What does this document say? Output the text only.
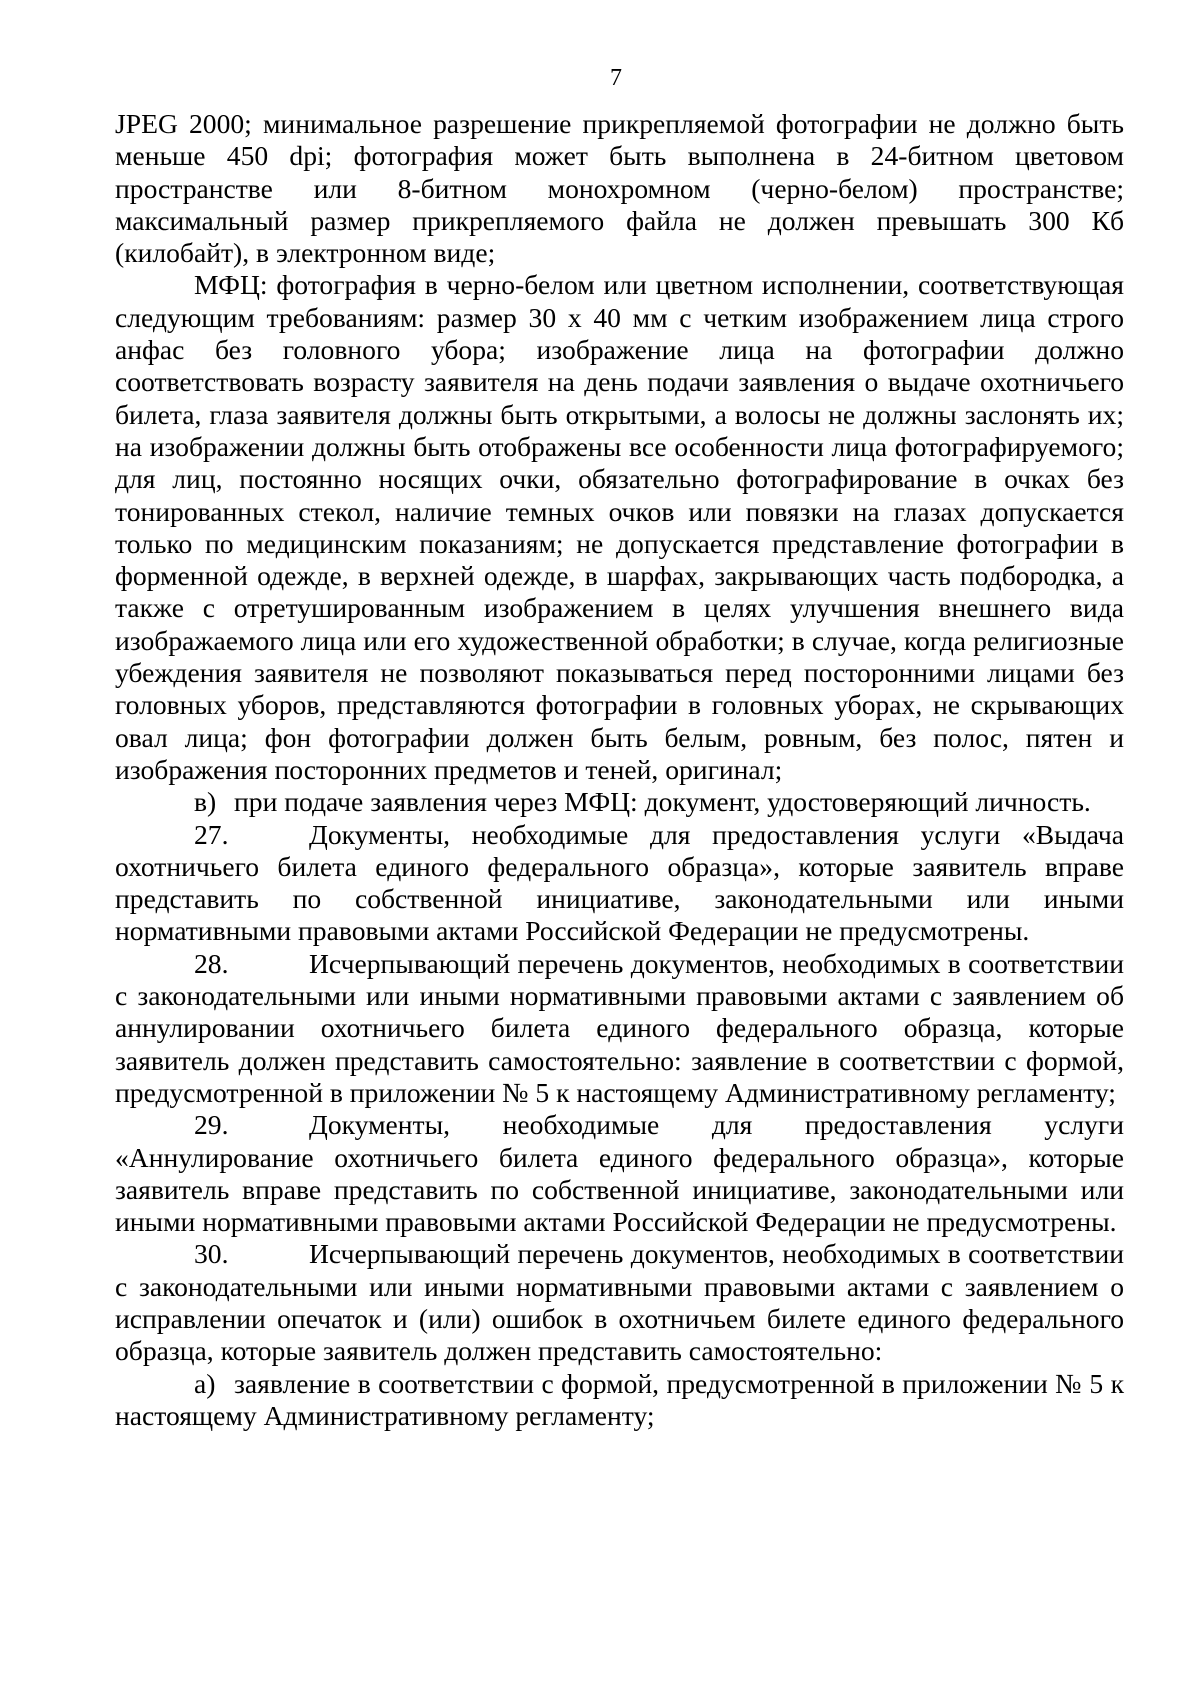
7

JPEG 2000; минимальное разрешение прикрепляемой фотографии не должно быть меньше 450 dpi; фотография может быть выполнена в 24-битном цветовом пространстве или 8-битном монохромном (черно-белом) пространстве; максимальный размер прикрепляемого файла не должен превышать 300 Кб (килобайт), в электронном виде;

МФЦ: фотография в черно-белом или цветном исполнении, соответствующая следующим требованиям: размер 30 х 40 мм с четким изображением лица строго анфас без головного убора; изображение лица на фотографии должно соответствовать возрасту заявителя на день подачи заявления о выдаче охотничьего билета, глаза заявителя должны быть открытыми, а волосы не должны заслонять их; на изображении должны быть отображены все особенности лица фотографируемого; для лиц, постоянно носящих очки, обязательно фотографирование в очках без тонированных стекол, наличие темных очков или повязки на глазах допускается только по медицинским показаниям; не допускается представление фотографии в форменной одежде, в верхней одежде, в шарфах, закрывающих часть подбородка, а также с отретушированным изображением в целях улучшения внешнего вида изображаемого лица или его художественной обработки; в случае, когда религиозные убеждения заявителя не позволяют показываться перед посторонними лицами без головных уборов, представляются фотографии в головных уборах, не скрывающих овал лица; фон фотографии должен быть белым, ровным, без полос, пятен и изображения посторонних предметов и теней, оригинал;

в) при подаче заявления через МФЦ: документ, удостоверяющий личность.

27.	Документы, необходимые для предоставления услуги «Выдача охотничьего билета единого федерального образца», которые заявитель вправе представить по собственной инициативе, законодательными или иными нормативными правовыми актами Российской Федерации не предусмотрены.

28.	Исчерпывающий перечень документов, необходимых в соответствии с законодательными или иными нормативными правовыми актами с заявлением об аннулировании охотничьего билета единого федерального образца, которые заявитель должен представить самостоятельно: заявление в соответствии с формой, предусмотренной в приложении № 5 к настоящему Административному регламенту;

29.	Документы, необходимые для предоставления услуги «Аннулирование охотничьего билета единого федерального образца», которые заявитель вправе представить по собственной инициативе, законодательными или иными нормативными правовыми актами Российской Федерации не предусмотрены.

30.	Исчерпывающий перечень документов, необходимых в соответствии с законодательными или иными нормативными правовыми актами с заявлением о исправлении опечаток и (или) ошибок в охотничьем билете единого федерального образца, которые заявитель должен представить самостоятельно:

а) заявление в соответствии с формой, предусмотренной в приложении № 5 к настоящему Административному регламенту;
